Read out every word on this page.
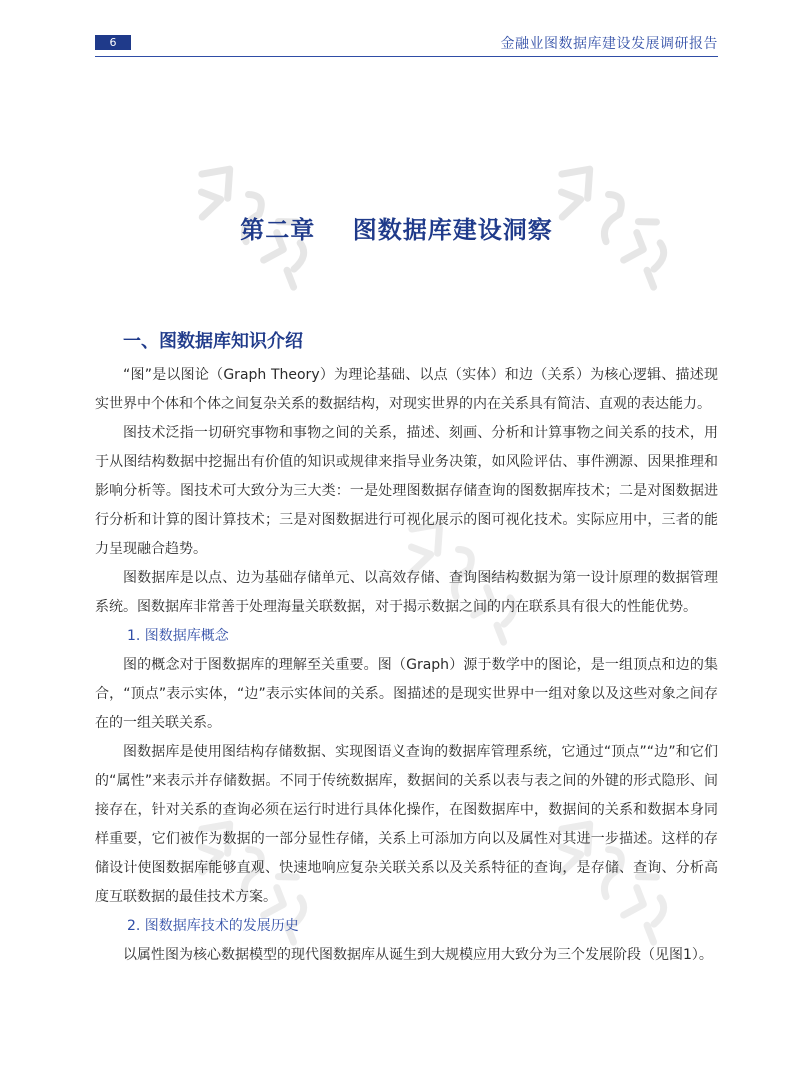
6	金融业图数据库建设发展调研报告
第二章    图数据库建设洞察
一、图数据库知识介绍

“图”是以图论（Graph Theory）为理论基础、以点（实体）和边（关系）为核心逻辑、描述现实世界中个体和个体之间复杂关系的数据结构，对现实世界的内在关系具有简洁、直观的表达能力。

图技术泛指一切研究事物和事物之间的关系，描述、刻画、分析和计算事物之间关系的技术，用于从图结构数据中挖掘出有价值的知识或规律来指导业务决策，如风险评估、事件溯源、因果推理和影响分析等。图技术可大致分为三大类：一是处理图数据存储查询的图数据库技术；二是对图数据进行分析和计算的图计算技术；三是对图数据进行可视化展示的图可视化技术。实际应用中，三者的能力呈现融合趋势。

图数据库是以点、边为基础存储单元、以高效存储、查询图结构数据为第一设计原理的数据管理系统。图数据库非常善于处理海量关联数据，对于揭示数据之间的内在联系具有很大的性能优势。

1. 图数据库概念

图的概念对于图数据库的理解至关重要。图（Graph）源于数学中的图论，是一组顶点和边的集合，“顶点”表示实体，“边”表示实体间的关系。图描述的是现实世界中一组对象以及这些对象之间存在的一组关联关系。

图数据库是使用图结构存储数据、实现图语义查询的数据库管理系统，它通过“顶点”“边”和它们的“属性”来表示并存储数据。不同于传统数据库，数据间的关系以表与表之间的外键的形式隐形、间接存在，针对关系的查询必须在运行时进行具体化操作，在图数据库中，数据间的关系和数据本身同样重要，它们被作为数据的一部分显性存储，关系上可添加方向以及属性对其进一步描述。这样的存储设计使图数据库能够直观、快速地响应复杂关联关系以及关系特征的查询，是存储、查询、分析高度互联数据的最佳技术方案。

2. 图数据库技术的发展历史

以属性图为核心数据模型的现代图数据库从诞生到大规模应用大致分为三个发展阶段（见图1）。
